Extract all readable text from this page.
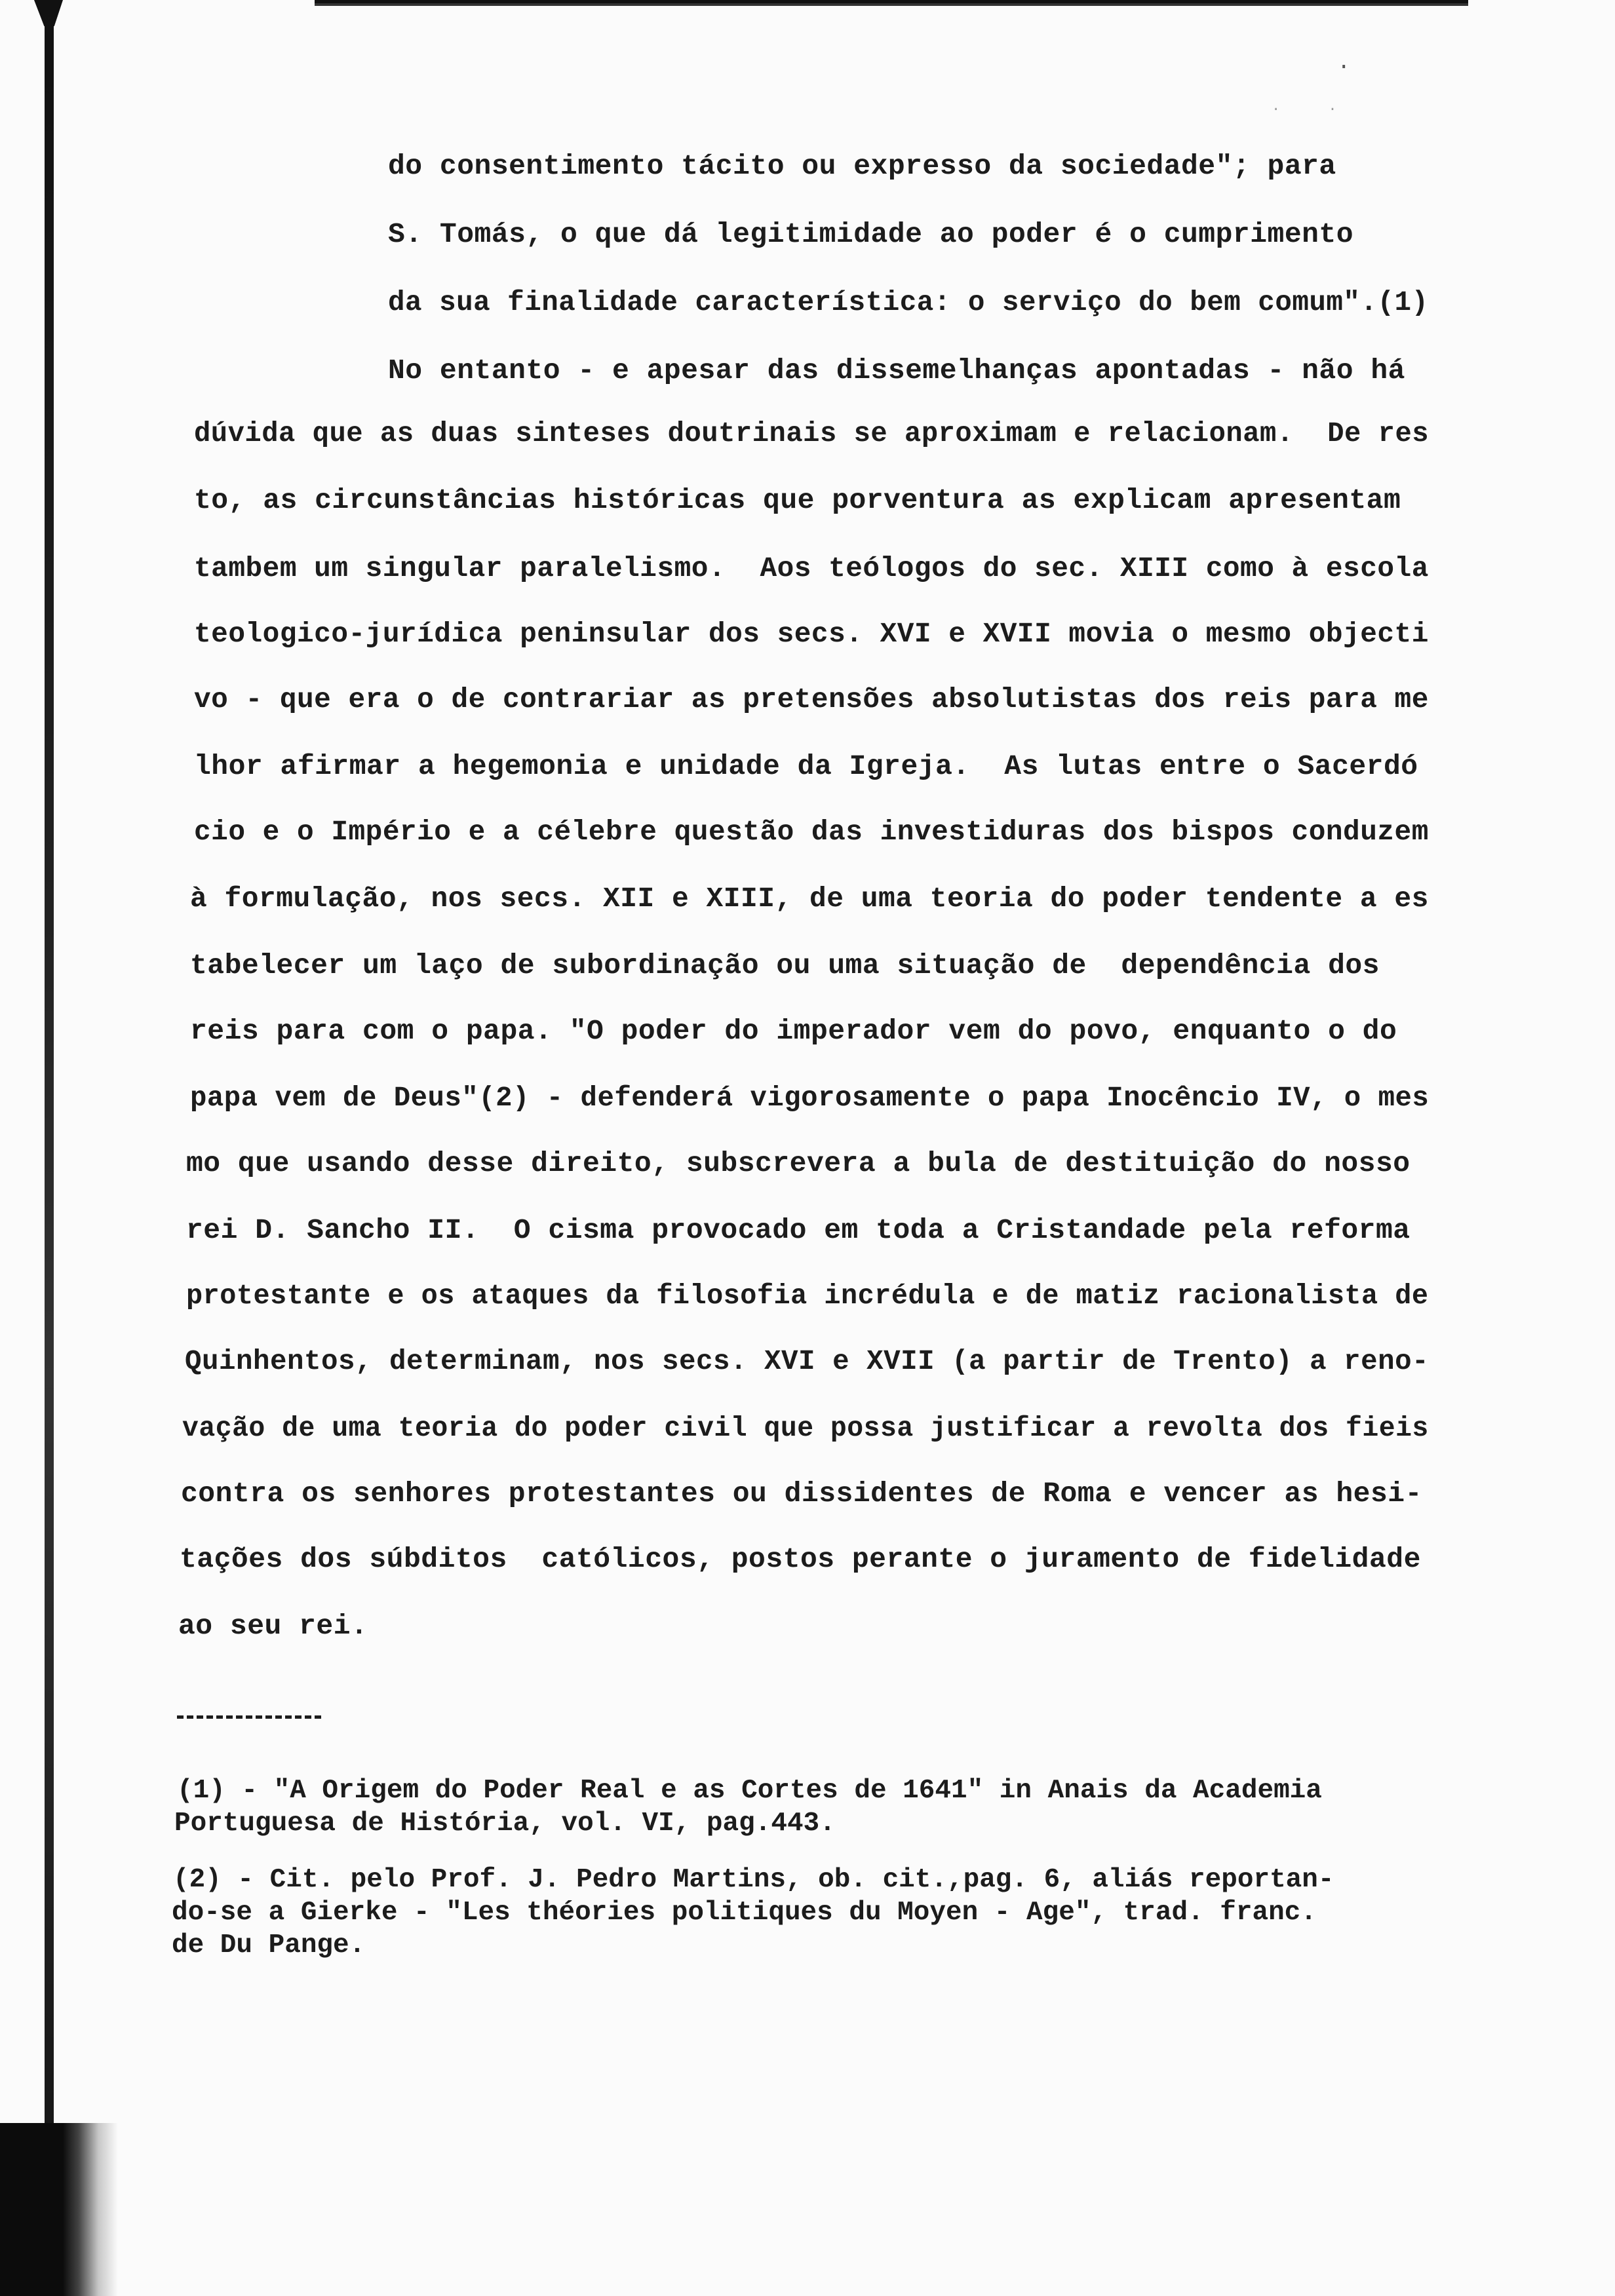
·
. .
do consentimento tácito ou expresso da sociedade"; para
S. Tomás, o que dá legitimidade ao poder é o cumprimento
da sua finalidade característica: o serviço do bem comum".(1)
No entanto - e apesar das dissemelhanças apontadas - não há
dúvida que as duas sinteses doutrinais se aproximam e relacionam.  De res
to, as circunstâncias históricas que porventura as explicam apresentam
tambem um singular paralelismo.  Aos teólogos do sec. XIII como à escola
teologico-jurídica peninsular dos secs. XVI e XVII movia o mesmo objecti
vo - que era o de contrariar as pretensões absolutistas dos reis para me
lhor afirmar a hegemonia e unidade da Igreja.  As lutas entre o Sacerdó
cio e o Império e a célebre questão das investiduras dos bispos conduzem
à formulação, nos secs. XII e XIII, de uma teoria do poder tendente a es
tabelecer um laço de subordinação ou uma situação de  dependência dos
reis para com o papa. "O poder do imperador vem do povo, enquanto o do
papa vem de Deus"(2) - defenderá vigorosamente o papa Inocêncio IV, o mes
mo que usando desse direito, subscrevera a bula de destituição do nosso
rei D. Sancho II.  O cisma provocado em toda a Cristandade pela reforma
protestante e os ataques da filosofia incrédula e de matiz racionalista de
Quinhentos, determinam, nos secs. XVI e XVII (a partir de Trento) a reno-
vação de uma teoria do poder civil que possa justificar a revolta dos fieis
contra os senhores protestantes ou dissidentes de Roma e vencer as hesi-
tações dos súbditos  católicos, postos perante o juramento de fidelidade
ao seu rei.
(1) - "A Origem do Poder Real e as Cortes de 1641" in Anais da Academia
Portuguesa de História, vol. VI, pag.443.
(2) - Cit. pelo Prof. J. Pedro Martins, ob. cit.,pag. 6, aliás reportan-
do-se a Gierke - "Les théories politiques du Moyen - Age", trad. franc.
de Du Pange.
